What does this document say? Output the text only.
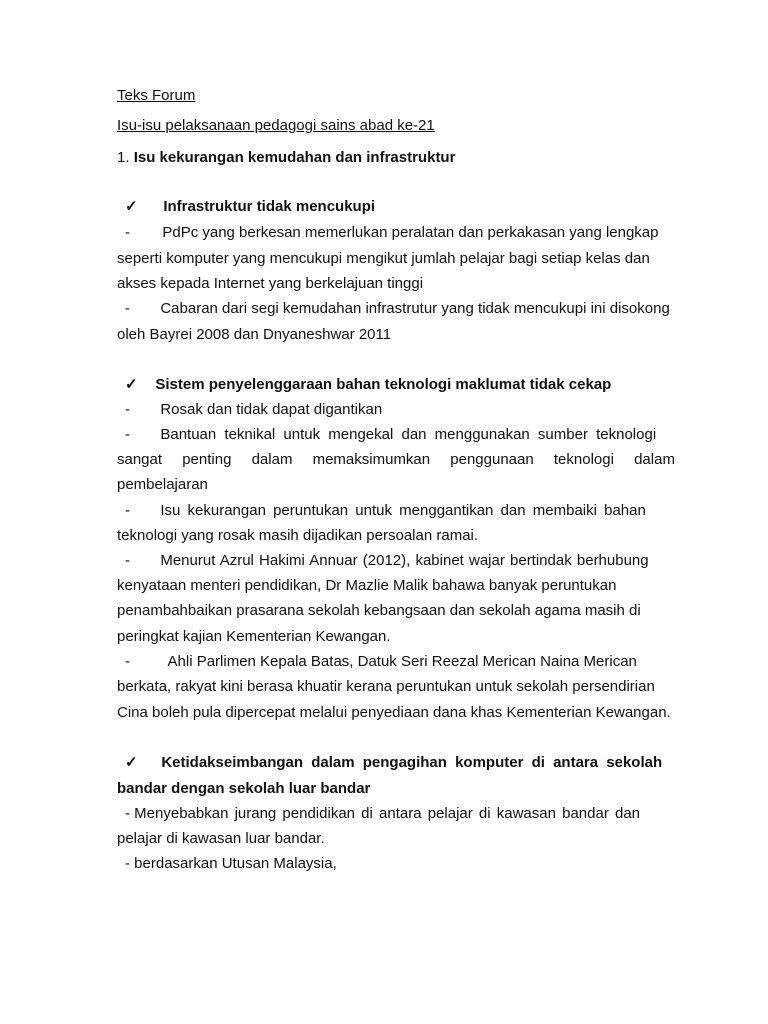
Teks Forum
Isu-isu pelaksanaan pedagogi sains abad ke-21
1. Isu kekurangan kemudahan dan infrastruktur
✓ Infrastruktur tidak mencukupi
- PdPc yang berkesan memerlukan peralatan dan perkakasan yang lengkap
seperti komputer yang mencukupi mengikut jumlah pelajar bagi setiap kelas dan
akses kepada Internet yang berkelajuan tinggi
- Cabaran dari segi kemudahan infrastrutur yang tidak mencukupi ini disokong
oleh Bayrei 2008 dan Dnyaneshwar 2011
✓ Sistem penyelenggaraan bahan teknologi maklumat tidak cekap
- Rosak dan tidak dapat digantikan
- Bantuan teknikal untuk mengekal dan menggunakan sumber teknologi
sangat penting dalam memaksimumkan penggunaan teknologi dalam
pembelajaran
- Isu kekurangan peruntukan untuk menggantikan dan membaiki bahan
teknologi yang rosak masih dijadikan persoalan ramai.
- Menurut Azrul Hakimi Annuar (2012), kabinet wajar bertindak berhubung
kenyataan menteri pendidikan, Dr Mazlie Malik bahawa banyak peruntukan
penambahbaikan prasarana sekolah kebangsaan dan sekolah agama masih di
peringkat kajian Kementerian Kewangan.
-	Ahli Parlimen Kepala Batas, Datuk Seri Reezal Merican Naina Merican
berkata, rakyat kini berasa khuatir kerana peruntukan untuk sekolah persendirian
Cina boleh pula dipercepat melalui penyediaan dana khas Kementerian Kewangan.
✓ Ketidakseimbangan dalam pengagihan komputer di antara sekolah
bandar dengan sekolah luar bandar
- Menyebabkan jurang pendidikan di antara pelajar di kawasan bandar dan
pelajar di kawasan luar bandar.
- berdasarkan Utusan Malaysia,
